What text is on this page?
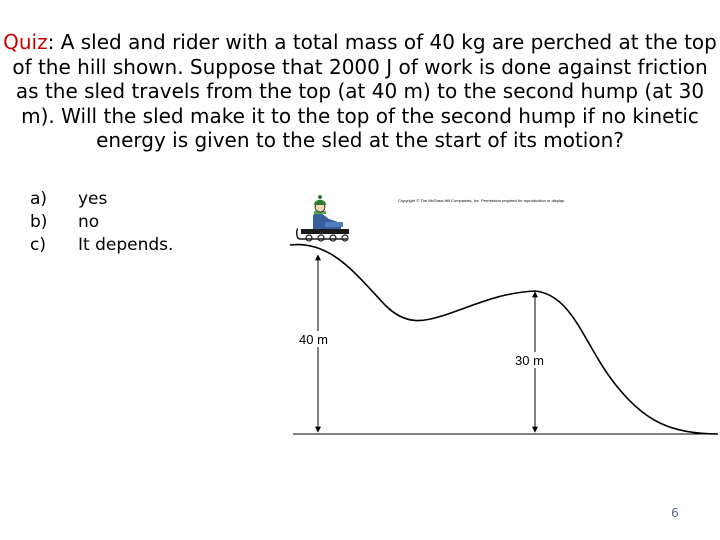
Quiz: A sled and rider with a total mass of 40 kg are perched at the top of the hill shown. Suppose that 2000 J of work is done against friction as the sled travels from the top (at 40 m) to the second hump (at 30 m). Will the sled make it to the top of the second hump if no kinetic energy is given to the sled at the start of its motion?
a)	yes
b)	no
c)	It depends.
Copyright © The McGraw-Hill Companies, Inc. Permission required for reproduction or display.
40 m
30 m
6
